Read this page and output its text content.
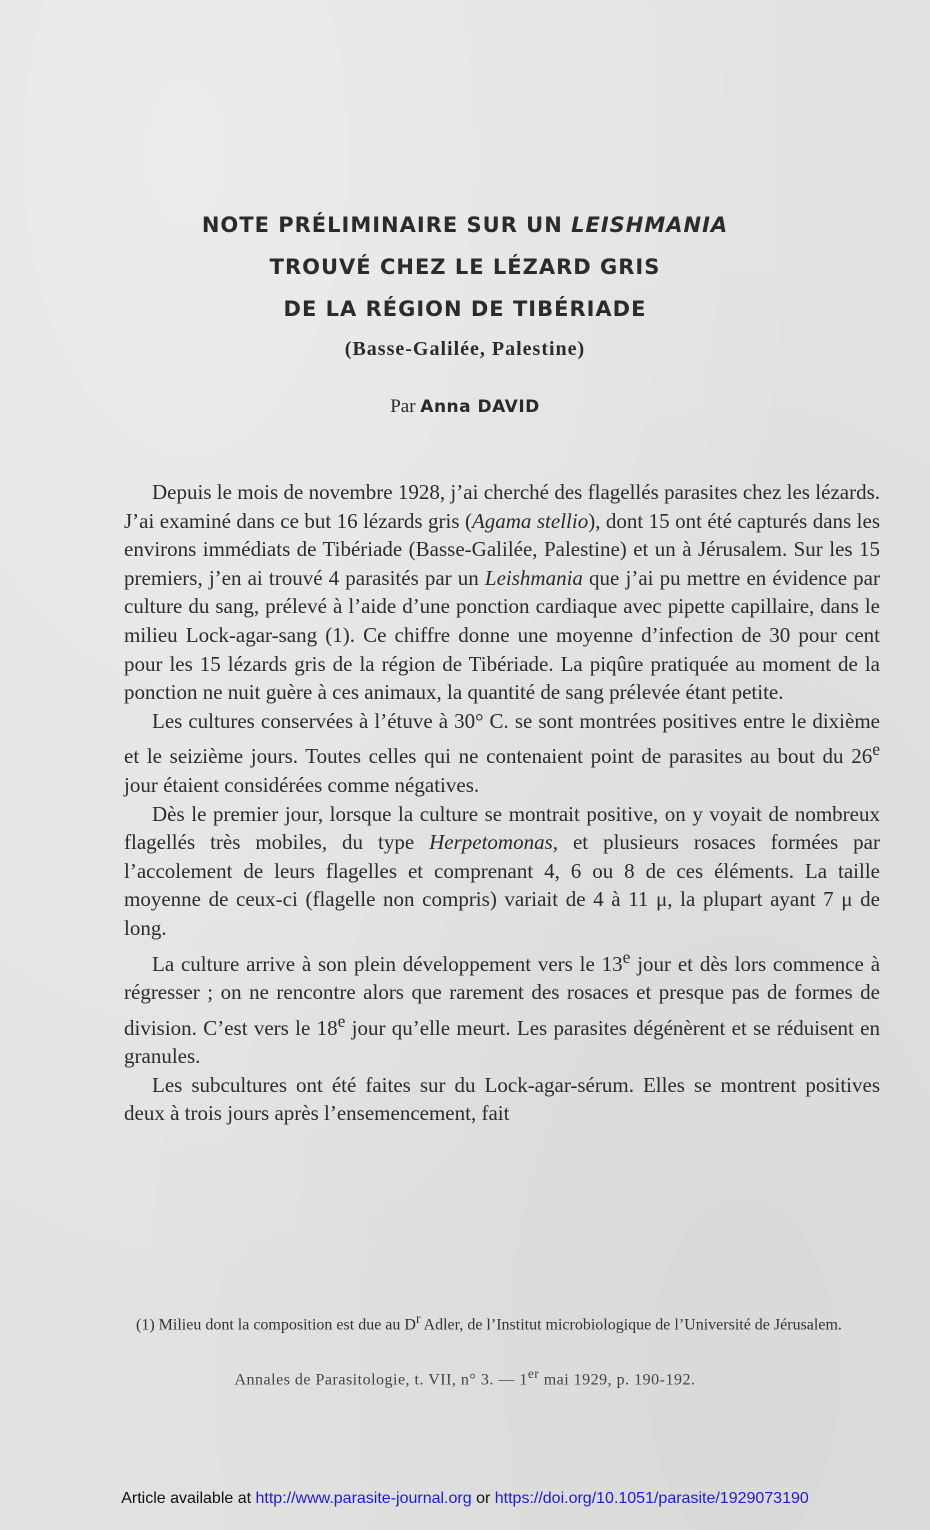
NOTE PRÉLIMINAIRE SUR UN LEISHMANIA

TROUVÉ CHEZ LE LÉZARD GRIS

DE LA RÉGION DE TIBÉRIADE

(Basse-Galilée, Palestine)

Par Anna DAVID

Depuis le mois de novembre 1928, j’ai cherché des flagellés parasites chez les lézards. J’ai examiné dans ce but 16 lézards gris (Agama stellio), dont 15 ont été capturés dans les environs immédiats de Tibériade (Basse-Galilée, Palestine) et un à Jérusalem. Sur les 15 premiers, j’en ai trouvé 4 parasités par un Leishmania que j’ai pu mettre en évidence par culture du sang, prélevé à l’aide d’une ponction cardiaque avec pipette capillaire, dans le milieu Lock-agar-sang (1). Ce chiffre donne une moyenne d’infection de 30 pour cent pour les 15 lézards gris de la région de Tibériade. La piqûre pratiquée au moment de la ponction ne nuit guère à ces animaux, la quantité de sang prélevée étant petite.

Les cultures conservées à l’étuve à 30° C. se sont montrées positives entre le dixième et le seizième jours. Toutes celles qui ne contenaient point de parasites au bout du 26e jour étaient considérées comme négatives.

Dès le premier jour, lorsque la culture se montrait positive, on y voyait de nombreux flagellés très mobiles, du type Herpetomonas, et plusieurs rosaces formées par l’accolement de leurs flagelles et comprenant 4, 6 ou 8 de ces éléments. La taille moyenne de ceux-ci (flagelle non compris) variait de 4 à 11 μ, la plupart ayant 7 μ de long.

La culture arrive à son plein développement vers le 13e jour et dès lors commence à régresser ; on ne rencontre alors que rarement des rosaces et presque pas de formes de division. C’est vers le 18e jour qu’elle meurt. Les parasites dégénèrent et se réduisent en granules.

Les subcultures ont été faites sur du Lock-agar-sérum. Elles se montrent positives deux à trois jours après l’ensemencement, fait

(1) Milieu dont la composition est due au $D^r$ Adler, de l’Institut microbiologique de l’Université de Jérusalem.
Annales de Parasitologie, t. VII, n° 3. — 1er mai 1929, p. 190-192.
Article available at http://www.parasite-journal.org or https://doi.org/10.1051/parasite/1929073190
